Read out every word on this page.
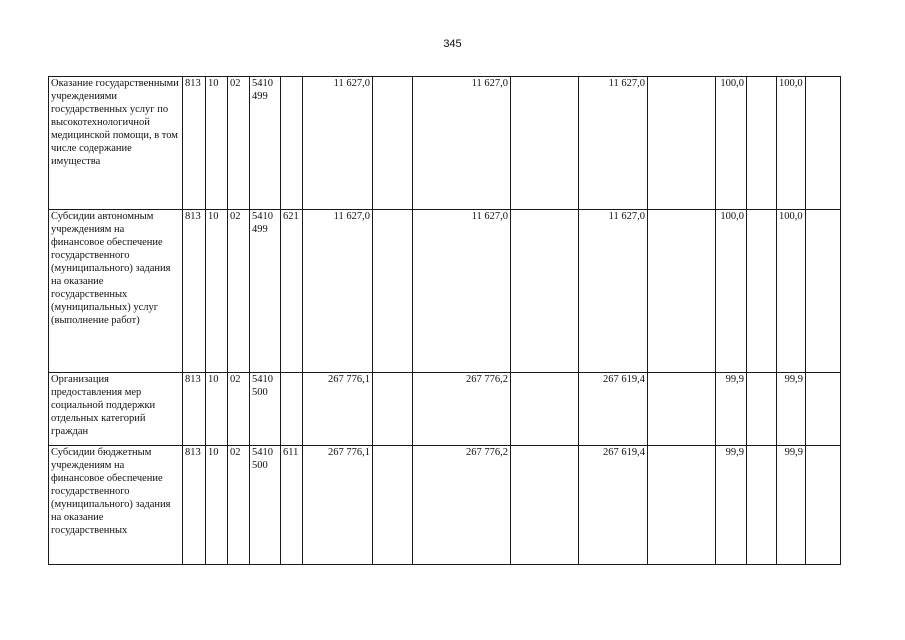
345
Оказание государственными учреждениями государственных услуг по высокотехнологичной медицинской помощи, в том числе содержание имущества	813	10	02	5410 499		11 627,0		11 627,0		11 627,0		100,0		100,0	
Субсидии автономным учреждениям на финансовое обеспечение государственного (муниципального) задания на оказание государственных (муниципальных) услуг (выполнение работ)	813	10	02	5410 499	621	11 627,0		11 627,0		11 627,0		100,0		100,0	
Организация предоставления мер социальной поддержки отдельных категорий граждан	813	10	02	5410 500		267 776,1		267 776,2		267 619,4		99,9		99,9	
Субсидии бюджетным учреждениям на финансовое обеспечение государственного (муниципального) задания на оказание государственных	813	10	02	5410 500	611	267 776,1		267 776,2		267 619,4		99,9		99,9	
